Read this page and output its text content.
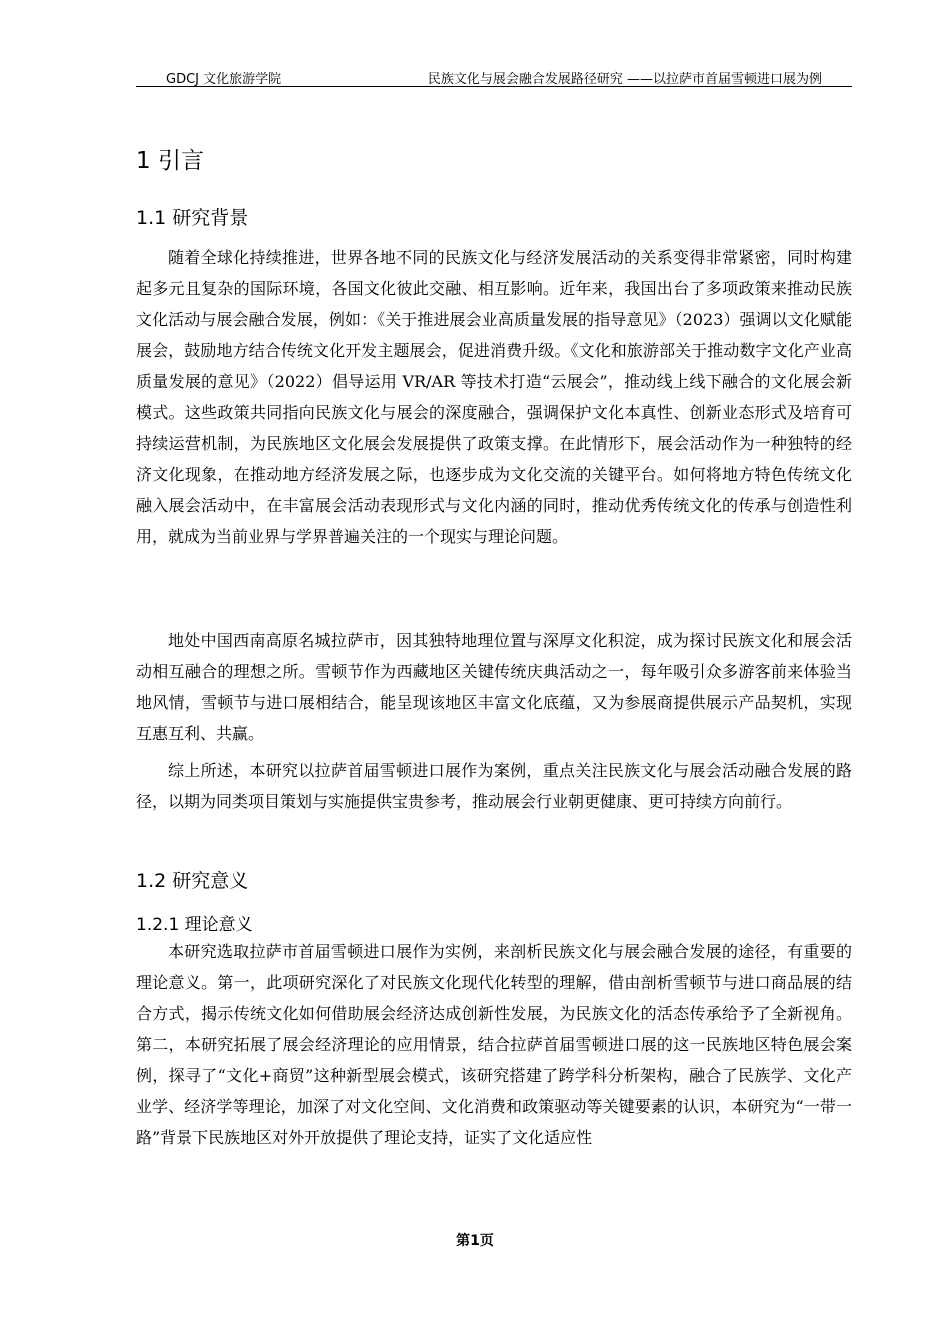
GDCJ 文化旅游学院	民族文化与展会融合发展路径研究 ——以拉萨市首届雪顿进口展为例
1 引言
1.1 研究背景

随着全球化持续推进，世界各地不同的民族文化与经济发展活动的关系变得非常紧密，同时构建起多元且复杂的国际环境，各国文化彼此交融、相互影响。近年来，我国出台了多项政策来推动民族文化活动与展会融合发展，例如：《关于推进展会业高质量发展的指导意见》（2023）强调以文化赋能展会，鼓励地方结合传统文化开发主题展会，促进消费升级。《文化和旅游部关于推动数字文化产业高质量发展的意见》（2022）倡导运用 VR/AR 等技术打造“云展会”，推动线上线下融合的文化展会新模式。这些政策共同指向民族文化与展会的深度融合，强调保护文化本真性、创新业态形式及培育可持续运营机制，为民族地区文化展会发展提供了政策支撑。在此情形下，展会活动作为一种独特的经济文化现象，在推动地方经济发展之际，也逐步成为文化交流的关键平台。如何将地方特色传统文化融入展会活动中，在丰富展会活动表现形式与文化内涵的同时，推动优秀传统文化的传承与创造性利用，就成为当前业界与学界普遍关注的一个现实与理论问题。

地处中国西南高原名城拉萨市，因其独特地理位置与深厚文化积淀，成为探讨民族文化和展会活动相互融合的理想之所。雪顿节作为西藏地区关键传统庆典活动之一，每年吸引众多游客前来体验当地风情，雪顿节与进口展相结合，能呈现该地区丰富文化底蕴，又为参展商提供展示产品契机，实现互惠互利、共赢。

综上所述，本研究以拉萨首届雪顿进口展作为案例，重点关注民族文化与展会活动融合发展的路径，以期为同类项目策划与实施提供宝贵参考，推动展会行业朝更健康、更可持续方向前行。

1.2 研究意义
1.2.1 理论意义

本研究选取拉萨市首届雪顿进口展作为实例，来剖析民族文化与展会融合发展的途径，有重要的理论意义。第一，此项研究深化了对民族文化现代化转型的理解，借由剖析雪顿节与进口商品展的结合方式，揭示传统文化如何借助展会经济达成创新性发展，为民族文化的活态传承给予了全新视角。第二，本研究拓展了展会经济理论的应用情景，结合拉萨首届雪顿进口展的这一民族地区特色展会案例，探寻了“文化+商贸”这种新型展会模式，该研究搭建了跨学科分析架构，融合了民族学、文化产业学、经济学等理论，加深了对文化空间、文化消费和政策驱动等关键要素的认识，本研究为“一带一路”背景下民族地区对外开放提供了理论支持，证实了文化适应性

第1页
